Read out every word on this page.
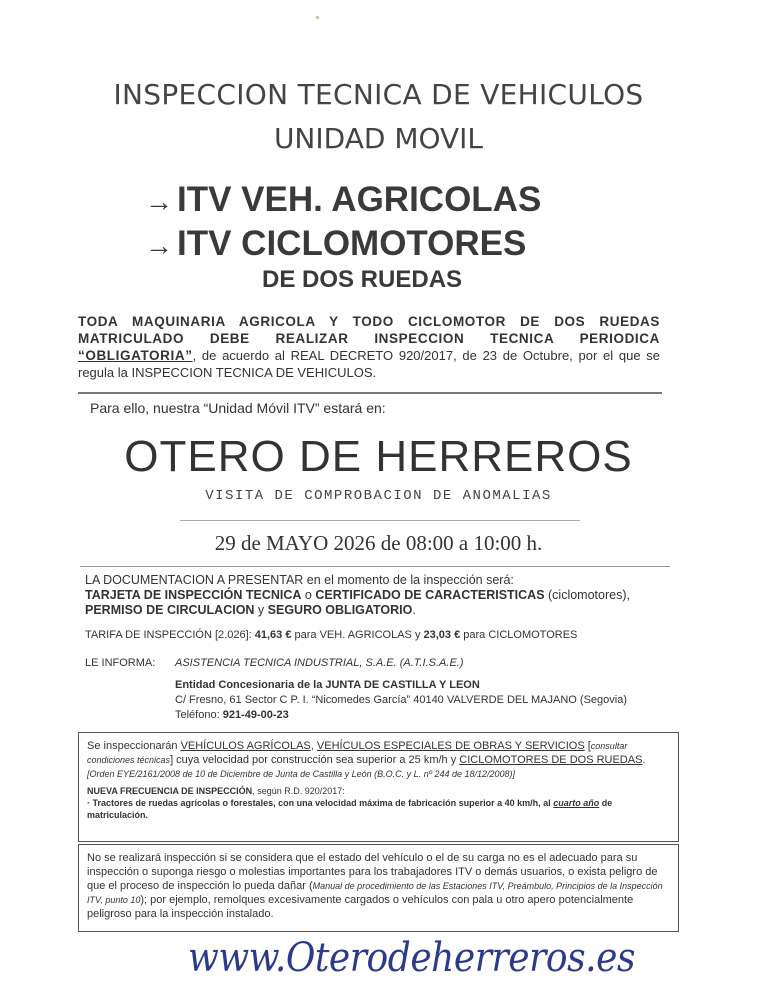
INSPECCION TECNICA DE VEHICULOS
UNIDAD MOVIL
→ ITV VEH. AGRICOLAS
→ ITV CICLOMOTORES
DE DOS RUEDAS
TODA MAQUINARIA AGRICOLA Y TODO CICLOMOTOR DE DOS RUEDAS MATRICULADO DEBE REALIZAR INSPECCION TECNICA PERIODICA “OBLIGATORIA”, de acuerdo al REAL DECRETO 920/2017, de 23 de Octubre, por el que se regula la INSPECCION TECNICA DE VEHICULOS.
Para ello, nuestra “Unidad Móvil ITV” estará en:
OTERO DE HERREROS
VISITA DE COMPROBACION DE ANOMALIAS
29 de MAYO 2026 de 08:00 a 10:00 h.
LA DOCUMENTACION A PRESENTAR en el momento de la inspección será:
TARJETA DE INSPECCIÓN TECNICA o CERTIFICADO DE CARACTERISTICAS (ciclomotores),
PERMISO DE CIRCULACION y SEGURO OBLIGATORIO.
TARIFA DE INSPECCIÓN [2.026]: 41,63 € para VEH. AGRICOLAS y 23,03 € para CICLOMOTORES
LE INFORMA: ASISTENCIA TECNICA INDUSTRIAL, S.A.E. (A.T.I.S.A.E.)

Entidad Concesionaria de la JUNTA DE CASTILLA Y LEON
C/ Fresno, 61 Sector C P. I. “Nicomedes García” 40140 VALVERDE DEL MAJANO (Segovia)
Teléfono: 921-49-00-23
Se inspeccionarán VEHÍCULOS AGRÍCOLAS, VEHÍCULOS ESPECIALES DE OBRAS Y SERVICIOS [consultar condiciones técnicas] cuya velocidad por construcción sea superior a 25 km/h y CICLOMOTORES DE DOS RUEDAS.
[Orden EYE/2161/2008 de 10 de Diciembre de Junta de Castilla y León (B.O.C. y L. nº 244 de 18/12/2008)]
NUEVA FRECUENCIA DE INSPECCIÓN, según R.D. 920/2017:
· Tractores de ruedas agrícolas o forestales, con una velocidad máxima de fabricación superior a 40 km/h, al cuarto año de matriculación.
No se realizará inspección si se considera que el estado del vehículo o el de su carga no es el adecuado para su inspección o suponga riesgo o molestias importantes para los trabajadores ITV o demás usuarios, o exista peligro de que el proceso de inspección lo pueda dañar (Manual de procedimiento de las Estaciones ITV, Preámbulo, Principios de la Inspección ITV, punto 10); por ejemplo, remolques excesivamente cargados o vehículos con pala u otro apero potencialmente peligroso para la inspección instalado.
www.Oterodeherreros.es
